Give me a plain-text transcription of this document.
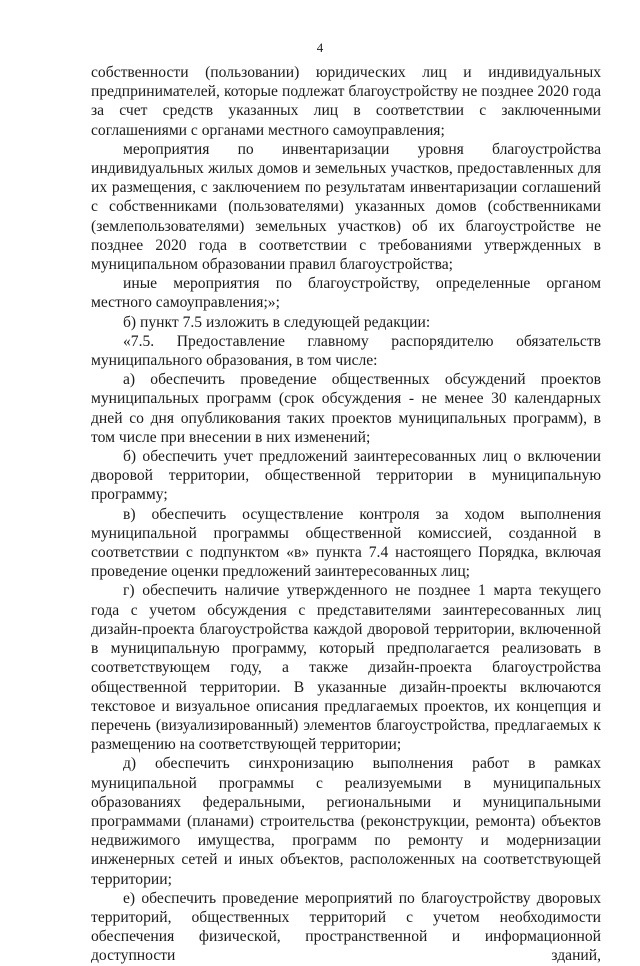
4

собственности (пользовании) юридических лиц и индивидуальных предпринимателей, которые подлежат благоустройству не позднее 2020 года за счет средств указанных лиц в соответствии с заключенными соглашениями с органами местного самоуправления;

мероприятия по инвентаризации уровня благоустройства индивидуальных жилых домов и земельных участков, предоставленных для их размещения, с заключением по результатам инвентаризации соглашений с собственниками (пользователями) указанных домов (собственниками (землепользователями) земельных участков) об их благоустройстве не позднее 2020 года в соответствии с требованиями утвержденных в муниципальном образовании правил благоустройства;

иные мероприятия по благоустройству, определенные органом местного самоуправления;»;

б) пункт 7.5 изложить в следующей редакции:

«7.5. Предоставление главному распорядителю обязательств муниципального образования, в том числе:

а) обеспечить проведение общественных обсуждений проектов муниципальных программ (срок обсуждения - не менее 30 календарных дней со дня опубликования таких проектов муниципальных программ), в том числе при внесении в них изменений;

б) обеспечить учет предложений заинтересованных лиц о включении дворовой территории, общественной территории в муниципальную программу;

в) обеспечить осуществление контроля за ходом выполнения муниципальной программы общественной комиссией, созданной в соответствии с подпунктом «в» пункта 7.4 настоящего Порядка, включая проведение оценки предложений заинтересованных лиц;

г) обеспечить наличие утвержденного не позднее 1 марта текущего года с учетом обсуждения с представителями заинтересованных лиц дизайн-проекта благоустройства каждой дворовой территории, включенной в муниципальную программу, который предполагается реализовать в соответствующем году, а также дизайн-проекта благоустройства общественной территории. В указанные дизайн-проекты включаются текстовое и визуальное описания предлагаемых проектов, их концепция и перечень (визуализированный) элементов благоустройства, предлагаемых к размещению на соответствующей территории;

д) обеспечить синхронизацию выполнения работ в рамках муниципальной программы с реализуемыми в муниципальных образованиях федеральными, региональными и муниципальными программами (планами) строительства (реконструкции, ремонта) объектов недвижимого имущества, программ по ремонту и модернизации инженерных сетей и иных объектов, расположенных на соответствующей территории;

е) обеспечить проведение мероприятий по благоустройству дворовых территорий, общественных территорий с учетом необходимости обеспечения физической, пространственной и информационной доступности зданий,
